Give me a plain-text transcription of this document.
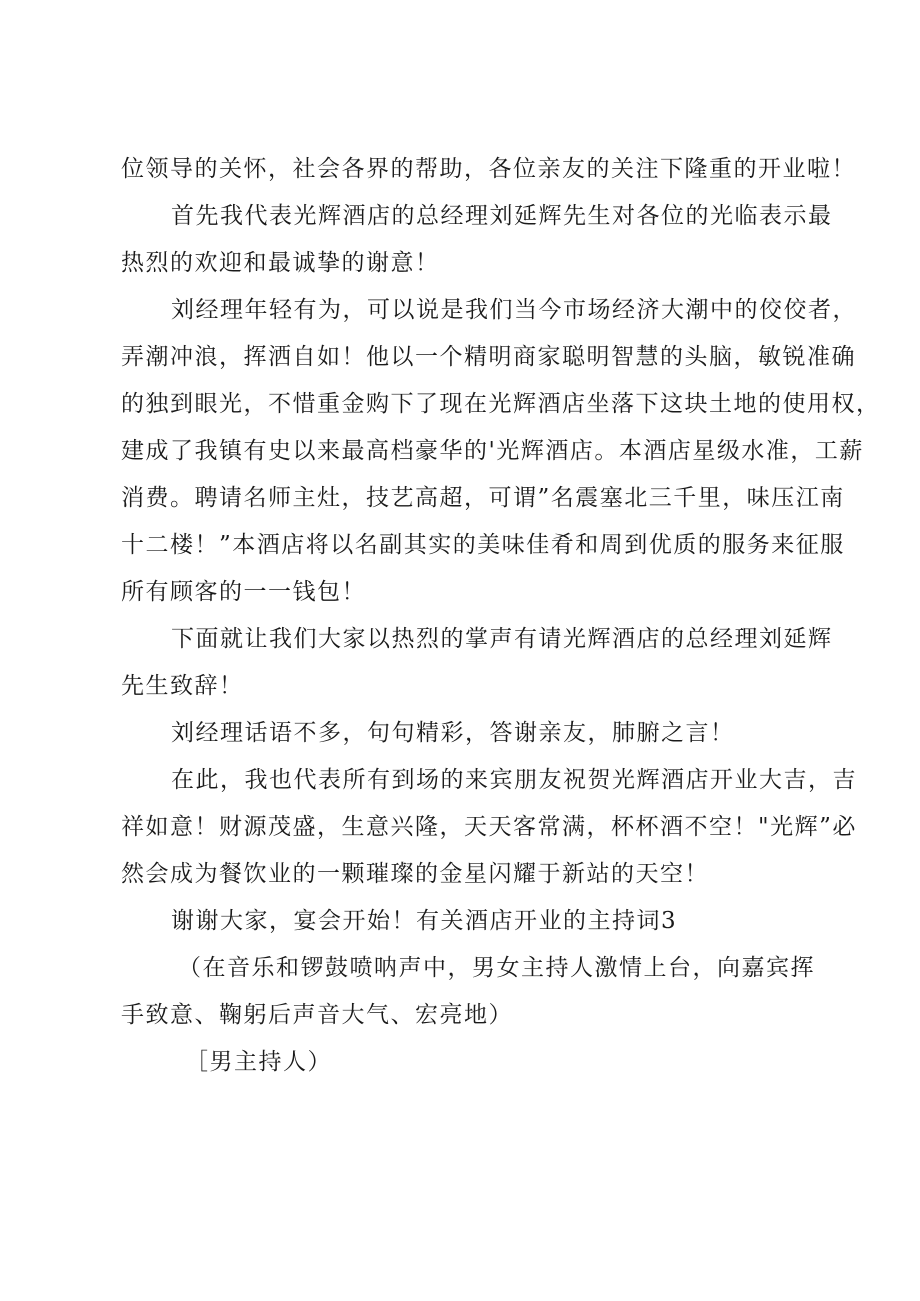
位领导的关怀，社会各界的帮助，各位亲友的关注下隆重的开业啦！
首先我代表光辉酒店的总经理刘延辉先生对各位的光临表示最
热烈的欢迎和最诚挚的谢意！
刘经理年轻有为，可以说是我们当今市场经济大潮中的佼佼者，
弄潮冲浪，挥洒自如！他以一个精明商家聪明智慧的头脑，敏锐准确
的独到眼光，不惜重金购下了现在光辉酒店坐落下这块土地的使用权，
建成了我镇有史以来最高档豪华的'光辉酒店。本酒店星级水准，工薪
消费。聘请名师主灶，技艺高超，可谓”名震塞北三千里，味压江南
十二楼！”本酒店将以名副其实的美味佳肴和周到优质的服务来征服
所有顾客的一一钱包！
下面就让我们大家以热烈的掌声有请光辉酒店的总经理刘延辉
先生致辞！
刘经理话语不多，句句精彩，答谢亲友，肺腑之言！
在此，我也代表所有到场的来宾朋友祝贺光辉酒店开业大吉，吉
祥如意！财源茂盛，生意兴隆，天天客常满，杯杯酒不空！"光辉”必
然会成为餐饮业的一颗璀璨的金星闪耀于新站的天空！
谢谢大家，宴会开始！有关酒店开业的主持词3
（在音乐和锣鼓喷呐声中，男女主持人激情上台，向嘉宾挥
手致意、鞠躬后声音大气、宏亮地）
［男主持人）
